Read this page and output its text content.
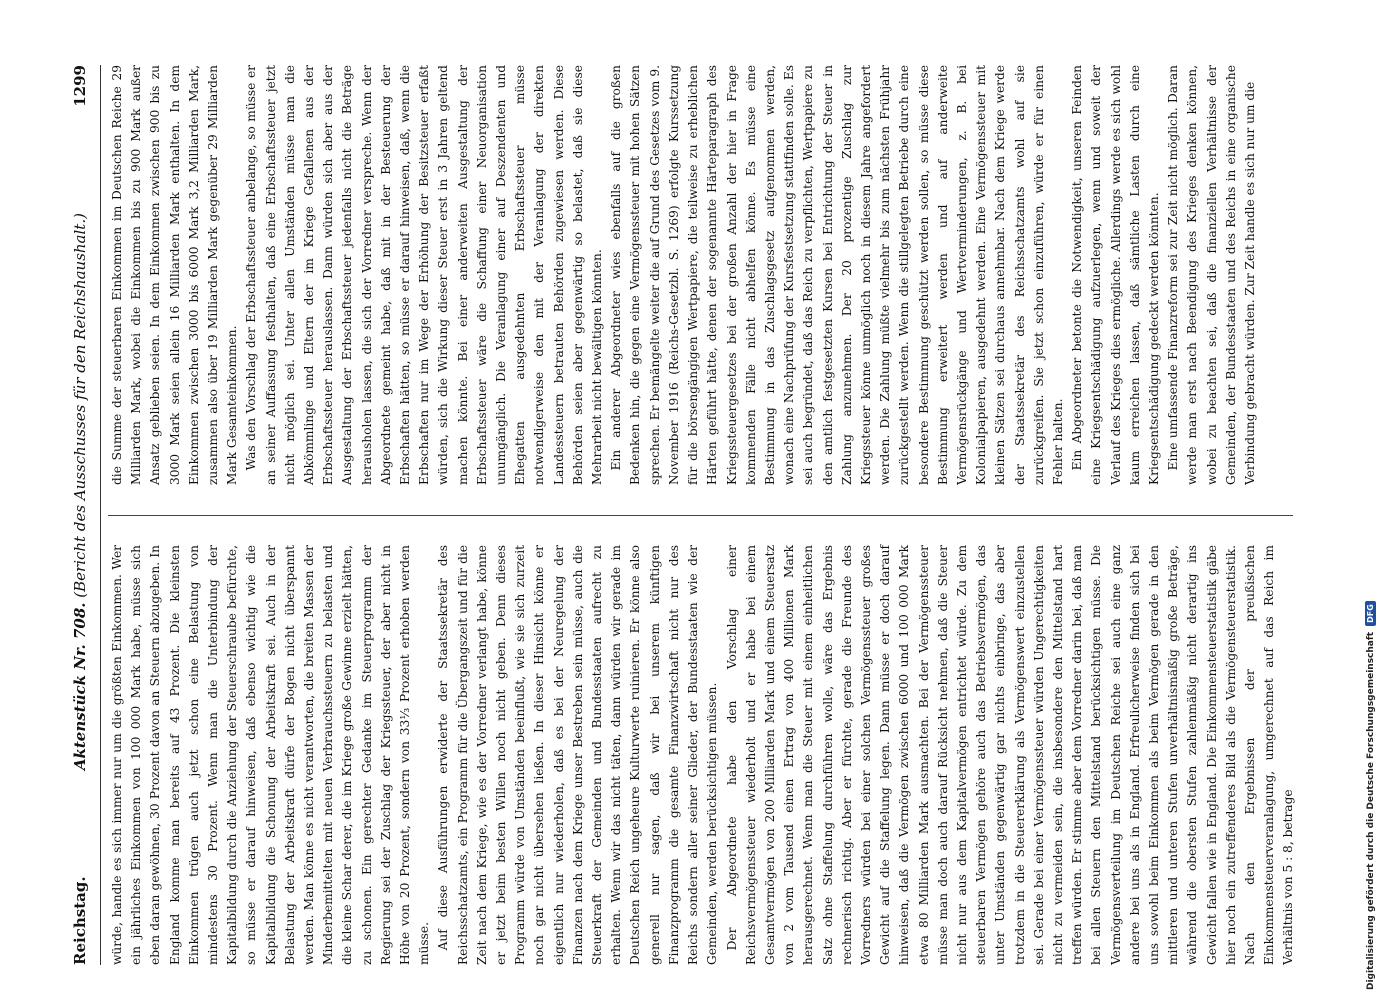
Reichstag.
Aktenstück Nr. 708. (Bericht des Ausschusses für den Reichshaushalt.)
1299

würde, handle es sich immer nur um die größten Einkommen. Wer ein jährliches Einkommen von 100 000 Mark habe, müsse sich eben daran gewöhnen, 30 Prozent davon an Steuern abzugeben. In England komme man bereits auf 43 Prozent. Die kleinsten Einkommen trügen auch jetzt schon eine Belastung von mindestens 30 Prozent. Wenn man die Unterbindung der Kapitalbildung durch die Anziehung der Steuerschraube befürchte, so müsse er darauf hinweisen, daß ebenso wichtig wie die Kapitalbildung die Schonung der Arbeitskraft sei. Auch in der Belastung der Arbeitskraft dürfe der Bogen nicht überspannt werden. Man könne es nicht verantworten, die breiten Massen der Minderbemittelten mit neuen Verbrauchssteuern zu belasten und die kleine Schar derer, die im Kriege große Gewinne erzielt hätten, zu schonen. Ein gerechter Gedanke im Steuerprogramm der Regierung sei der Zuschlag der Kriegssteuer, der aber nicht in Höhe von 20 Prozent, sondern von 33⅓ Prozent erhoben werden müsse. Auf diese Ausführungen erwiderte der Staatssekretär des Reichsschatzamts, ein Programm für die Übergangszeit und für die Zeit nach dem Kriege, wie es der Vorredner verlangt habe, könne er jetzt beim besten Willen noch nicht geben. Denn dieses Programm würde von Umständen beeinflußt, wie sie sich zurzeit noch gar nicht übersehen ließen. In dieser Hinsicht könne er eigentlich nur wiederholen, daß es bei der Neuregelung der Finanzen nach dem Kriege unser Bestreben sein müsse, auch die Steuerkraft der Gemeinden und Bundesstaaten aufrecht zu erhalten. Wenn wir das nicht täten, dann würden wir gerade im Deutschen Reich ungeheure Kulturwerte ruinieren. Er könne also generell nur sagen, daß wir bei unserem künftigen Finanzprogramm die gesamte Finanzwirtschaft nicht nur des Reichs sondern aller seiner Glieder, der Bundesstaaten wie der Gemeinden, werden berücksichtigen müssen. Der Abgeordnete habe den Vorschlag einer Reichsvermögenssteuer wiederholt und er habe bei einem Gesamtvermögen von 200 Milliarden Mark und einem Steuersatz von 2 vom Tausend einen Ertrag von 400 Millionen Mark herausgerechnet. Wenn man die Steuer mit einem einheitlichen Satz ohne Staffelung durchführen wolle, wäre das Ergebnis rechnerisch richtig. Aber er fürchte, gerade die Freunde des Vorredners würden bei einer solchen Vermögenssteuer großes Gewicht auf die Staffelung legen. Dann müsse er doch darauf hinweisen, daß die Vermögen zwischen 6000 und 100 000 Mark etwa 80 Milliarden Mark ausmachten. Bei der Vermögenssteuer müsse man doch auch darauf Rücksicht nehmen, daß die Steuer nicht nur aus dem Kapitalvermögen entrichtet würde. Zu dem steuerbaren Vermögen gehöre auch das Betriebsvermögen, das unter Umständen gegenwärtig gar nichts einbringe, das aber trotzdem in die Steuererklärung als Vermögenswert einzustellen sei. Gerade bei einer Vermögenssteuer würden Ungerechtigkeiten nicht zu vermeiden sein, die insbesondere den Mittelstand hart treffen würden. Er stimme aber dem Vorredner darin bei, daß man bei allen Steuern den Mittelstand berücksichtigen müsse. Die Vermögensverteilung im Deutschen Reiche sei auch eine ganz andere bei uns als in England. Erfreulicherweise finden sich bei uns sowohl beim Einkommen als beim Vermögen gerade in den mittleren und unteren Stufen unverhältnismäßig große Beträge, während die obersten Stufen zahlenmäßig nicht derartig ins Gewicht fallen wie in England. Die Einkommensteuerstatistik gäbe hier noch ein zutreffenderes Bild als die Vermögensteuerstatistik. Nach den Ergebnissen der preußischen Einkommensteuerveranlagung, umgerechnet auf das Reich im Verhältnis von 5 : 8, betrage

die Summe der steuerbaren Einkommen im Deutschen Reiche 29 Milliarden Mark, wobei die Einkommen bis zu 900 Mark außer Ansatz geblieben seien. In dem Einkommen zwischen 900 bis zu 3000 Mark seien allein 16 Milliarden Mark enthalten. In dem Einkommen zwischen 3000 bis 6000 Mark 3,2 Milliarden Mark, zusammen also über 19 Milliarden Mark gegenüber 29 Milliarden Mark Gesamteinkommen. Was den Vorschlag der Erbschaftssteuer anbelange, so müsse er an seiner Auffassung festhalten, daß eine Erbschaftssteuer jetzt nicht möglich sei. Unter allen Umständen müsse man die Abkömmlinge und Eltern der im Kriege Gefallenen aus der Erbschaftssteuer herauslassen. Dann würden sich aber aus der Ausgestaltung der Erbschaftssteuer jedenfalls nicht die Beträge herausholen lassen, die sich der Vorredner verspreche. Wenn der Abgeordnete gemeint habe, daß mit in der Besteuerung der Erbschaften hätten, so müsse er darauf hinweisen, daß, wenn die Erbschaften nur im Wege der Erhöhung der Besitzsteuer erfaßt würden, sich die Wirkung dieser Steuer erst in 3 Jahren geltend machen könnte. Bei einer anderweiten Ausgestaltung der Erbschaftssteuer wäre die Schaffung einer Neuorganisation unumgänglich. Die Veranlagung einer auf Deszendenten und Ehegatten ausgedehnten Erbschaftssteuer müsse notwendigerweise den mit der Veranlagung der direkten Landessteuern betrauten Behörden zugewiesen werden. Diese Behörden seien aber gegenwärtig so belastet, daß sie diese Mehrarbeit nicht bewältigen könnten. Ein anderer Abgeordneter wies ebenfalls auf die großen Bedenken hin, die gegen eine Vermögenssteuer mit hohen Sätzen sprechen. Er bemängelte weiter die auf Grund des Gesetzes vom 9. November 1916 (Reichs-Gesetzbl. S. 1269) erfolgte Kurssetzung für die börsengängigen Wertpapiere, die teilweise zu erheblichen Härten geführt hätte, denen der sogenannte Härteparagraph des Kriegssteuergesetzes bei der großen Anzahl der hier in Frage kommenden Fälle nicht abhelfen könne. Es müsse eine Bestimmung in das Zuschlagsgesetz aufgenommen werden, wonach eine Nachprüfung der Kursfestsetzung stattfinden solle. Es sei auch begründet, daß das Reich zu verpflichten, Wertpapiere zu den amtlich festgesetzten Kursen bei Entrichtung der Steuer in Zahlung anzunehmen. Der 20 prozentige Zuschlag zur Kriegssteuer könne unmöglich noch in diesem Jahre angefordert werden. Die Zahlung müßte vielmehr bis zum nächsten Frühjahr zurückgestellt werden. Wenn die stillgelegten Betriebe durch eine besondere Bestimmung geschützt werden sollen, so müsse diese Bestimmung erweitert werden und auf anderweite Vermögensrückgänge und Wertverminderungen, z. B. bei Kolonialpapieren, ausgedehnt werden. Eine Vermögenssteuer mit kleinen Sätzen sei durchaus annehmbar. Nach dem Kriege werde der Staatssekretär des Reichsschatzamts wohl auf sie zurückgreifen. Sie jetzt schon einzuführen, würde er für einen Fehler halten. Ein Abgeordneter betonte die Notwendigkeit, unseren Feinden eine Kriegsentschädigung aufzuerlegen, wenn und soweit der Verlauf des Krieges dies ermögliche. Allerdings werde es sich wohl kaum erreichen lassen, daß sämtliche Lasten durch eine Kriegsentschädigung gedeckt werden könnten. Eine umfassende Finanzreform sei zur Zeit nicht möglich. Daran werde man erst nach Beendigung des Krieges denken können, wobei zu beachten sei, daß die finanziellen Verhältnisse der Gemeinden, der Bundesstaaten und des Reichs in eine organische Verbindung gebracht würden. Zur Zeit handle es sich nur um die

Digitalisierung gefördert durch die Deutsche Forschungsgemeinschaft
DFG
